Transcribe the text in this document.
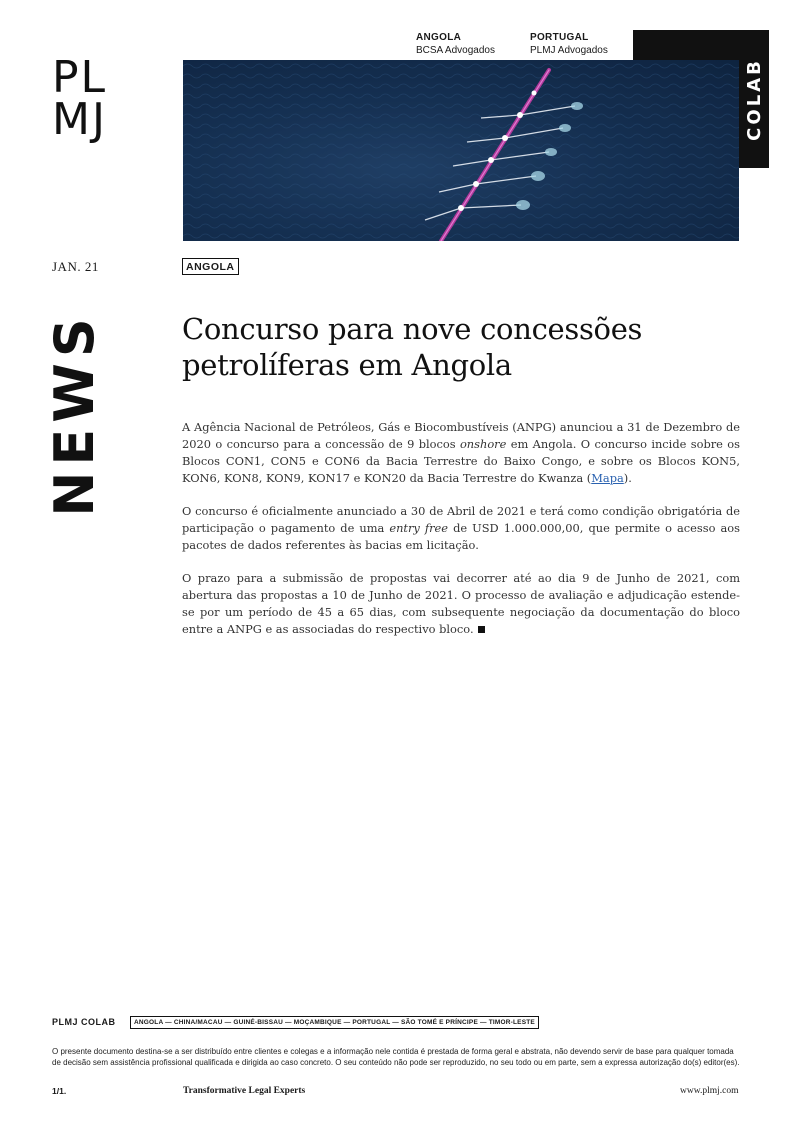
PL
MJ
ANGOLA
BCSA Advogados
PORTUGAL
PLMJ Advogados
COLAB
JAN. 21	ANGOLA
NEWS	Concurso para nove concessões petrolíferas em Angola

A Agência Nacional de Petróleos, Gás e Biocombustíveis (ANPG) anunciou a 31 de Dezembro de 2020 o concurso para a concessão de 9 blocos onshore em Angola. O concurso incide sobre os Blocos CON1, CON5 e CON6 da Bacia Terrestre do Baixo Congo, e sobre os Blocos KON5, KON6, KON8, KON9, KON17 e KON20 da Bacia Terrestre do Kwanza (Mapa).

O concurso é oficialmente anunciado a 30 de Abril de 2021 e terá como condição obrigatória de participação o pagamento de uma entry free de USD 1.000.000,00, que permite o acesso aos pacotes de dados referentes às bacias em licitação.

O prazo para a submissão de propostas vai decorrer até ao dia 9 de Junho de 2021, com abertura das propostas a 10 de Junho de 2021. O processo de avaliação e adjudicação estende-se por um período de 45 a 65 dias, com subsequente negociação da documentação do bloco entre a ANPG e as associadas do respectivo bloco.

PLMJ COLAB	ANGOLA — CHINA/MACAU — GUINÉ-BISSAU — MOÇAMBIQUE — PORTUGAL — SÃO TOMÉ E PRÍNCIPE — TIMOR-LESTE
O presente documento destina-se a ser distribuído entre clientes e colegas e a informação nele contida é prestada de forma geral e abstrata, não devendo servir de base para qualquer tomada de decisão sem assistência profissional qualificada e dirigida ao caso concreto. O seu conteúdo não pode ser reproduzido, no seu todo ou em parte, sem a expressa autorização do(s) editor(es).
1/1.	Transformative Legal Experts	www.plmj.com
